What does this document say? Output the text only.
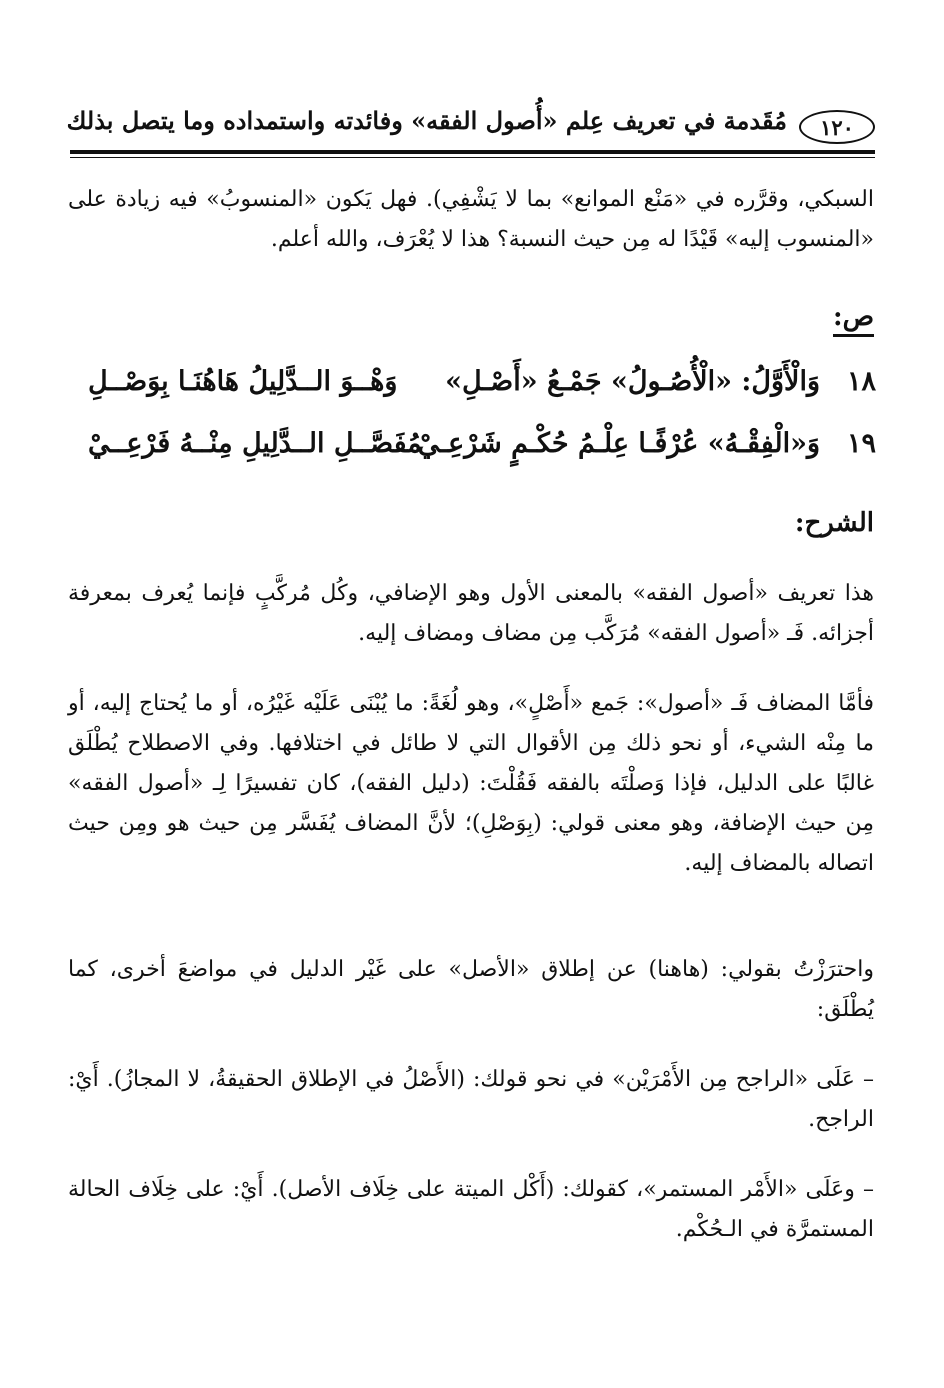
١٢٠
مُقَدمة في تعريف عِلم «أُصول الفقه» وفائدته واستمداده وما يتصل بذلك
السبكي، وقرَّره في «مَنْع الموانع» بما لا يَشْفِي). فهل يَكون «المنسوبُ» فيه زيادة على «المنسوب إليه» قَيْدًا له مِن حيث النسبة؟ هذا لا يُعْرَف، والله أعلم.
ص:
١٨
وَالْأَوَّلُ: «الْأُصُـولُ» جَمْـعُ «أَصْـلِ»
وَهْــوَ الــدَّلِيلُ هَاهُنَـا بِوَصْــلِ
١٩
وَ«الْفِقْـهُ» عُرْفًـا عِلْـمُ حُكْـمٍ شَرْعِـيْ
مُفَصَّــلِ الــدَّلِيلِ مِنْــهُ فَرْعِــيْ
الشرح:
هذا تعريف «أصول الفقه» بالمعنى الأول وهو الإضافي، وكُل مُركَّبٍ فإنما يُعرف بمعرفة أجزائه. فَـ «أصول الفقه» مُرَكَّب مِن مضاف ومضاف إليه.
فأمَّا المضاف فَـ «أصول»: جَمع «أَصْلٍ»، وهو لُغَةً: ما يُبْنَى عَلَيْه غَيْرُه، أو ما يُحتاج إليه، أو ما مِنْه الشيء، أو نحو ذلك مِن الأقوال التي لا طائل في اختلافها. وفي الاصطلاح يُطْلَق غالبًا على الدليل، فإذا وَصلْتَه بالفقه فَقُلْتَ: (دليل الفقه)، كان تفسيرًا لِـ «أصول الفقه» مِن حيث الإضافة، وهو معنى قولي: (بِوَصْلِ)؛ لأنَّ المضاف يُفَسَّر مِن حيث هو ومِن حيث اتصاله بالمضاف إليه.
واحترَزْتُ بقولي: (هاهنا) عن إطلاق «الأصل» على غَيْر الدليل في مواضعَ أخرى، كما يُطْلَق:
– عَلَى «الراجح مِن الأَمْرَيْن» في نحو قولك: (الأَصْلُ في الإطلاق الحقيقةُ، لا المجازُ). أَيْ: الراجح.
– وعَلَى «الأَمْر المستمر»، كقولك: (أَكْل الميتة على خِلَاف الأصل). أَيْ: على خِلَاف الحالة المستمرَّة في الـحُكْم.
